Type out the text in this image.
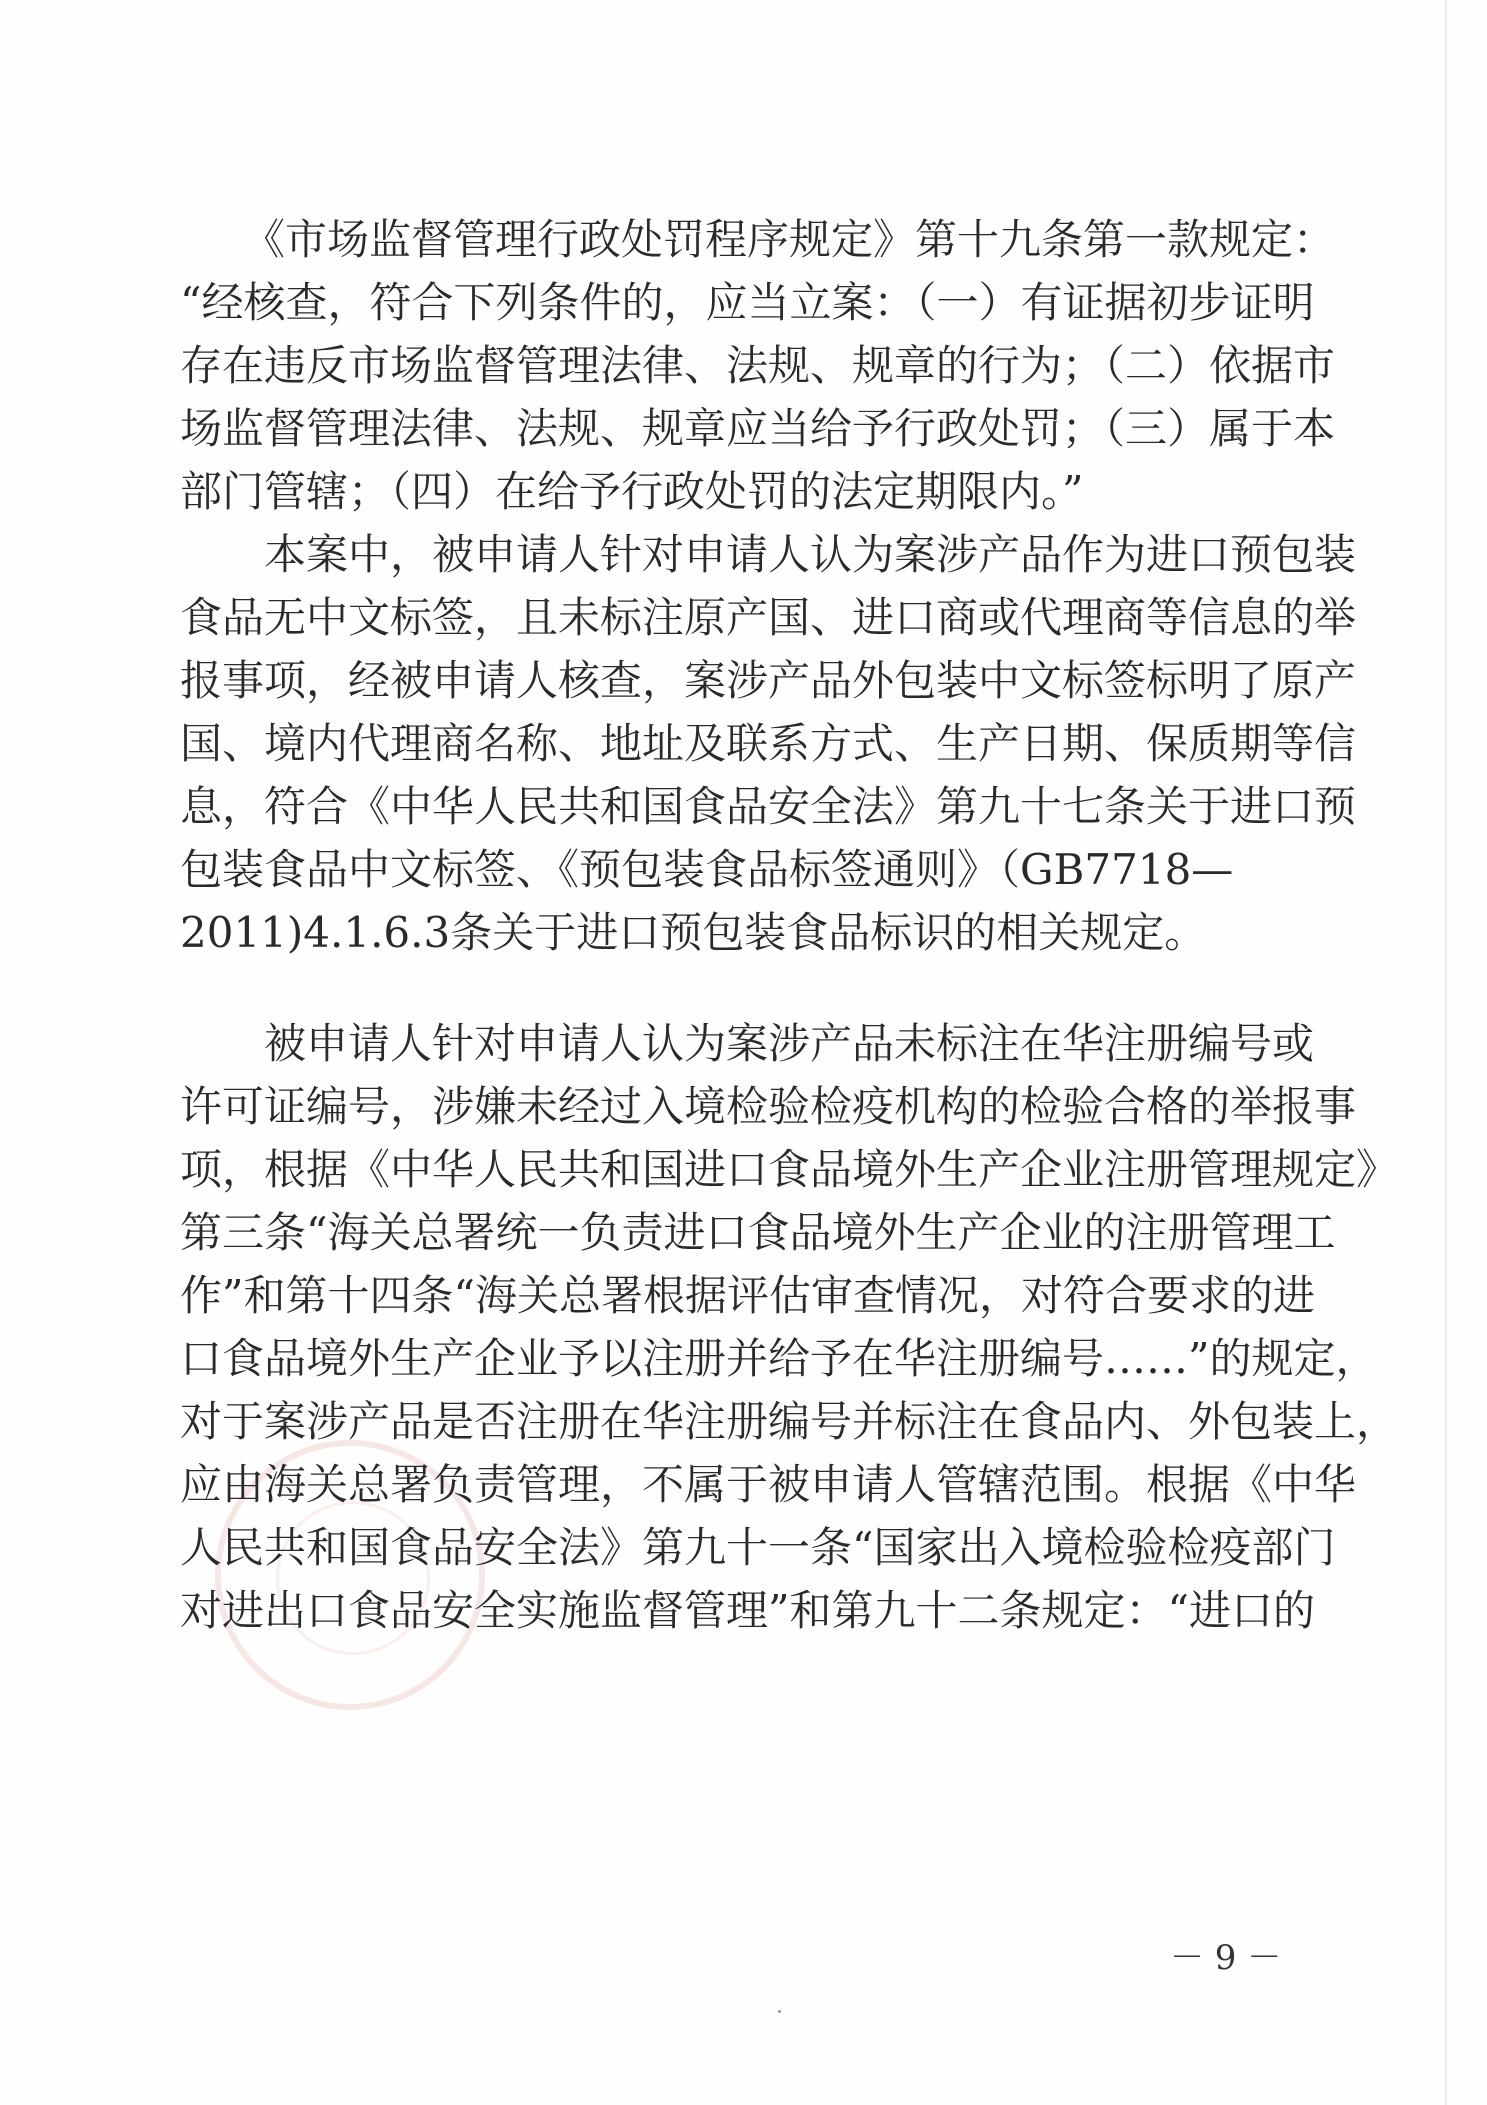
　　《市场监督管理行政处罚程序规定》第十九条第一款规定：
“经核查，符合下列条件的，应当立案：（一）有证据初步证明
存在违反市场监督管理法律、法规、规章的行为；（二）依据市
场监督管理法律、法规、规章应当给予行政处罚；（三）属于本
部门管辖；（四）在给予行政处罚的法定期限内。”
　　本案中，被申请人针对申请人认为案涉产品作为进口预包装
食品无中文标签，且未标注原产国、进口商或代理商等信息的举
报事项，经被申请人核查，案涉产品外包装中文标签标明了原产
国、境内代理商名称、地址及联系方式、生产日期、保质期等信
息，符合《中华人民共和国食品安全法》第九十七条关于进口预
包装食品中文标签、《预包装食品标签通则》（GB7718—
2011)4.1.6.3条关于进口预包装食品标识的相关规定。
　　被申请人针对申请人认为案涉产品未标注在华注册编号或
许可证编号，涉嫌未经过入境检验检疫机构的检验合格的举报事
项，根据《中华人民共和国进口食品境外生产企业注册管理规定》
第三条“海关总署统一负责进口食品境外生产企业的注册管理工
作”和第十四条“海关总署根据评估审查情况，对符合要求的进
口食品境外生产企业予以注册并给予在华注册编号……”的规定，
对于案涉产品是否注册在华注册编号并标注在食品内、外包装上，
应由海关总署负责管理，不属于被申请人管辖范围。根据《中华
人民共和国食品安全法》第九十一条“国家出入境检验检疫部门
对进出口食品安全实施监督管理”和第九十二条规定：“进口的
－ 9 －
